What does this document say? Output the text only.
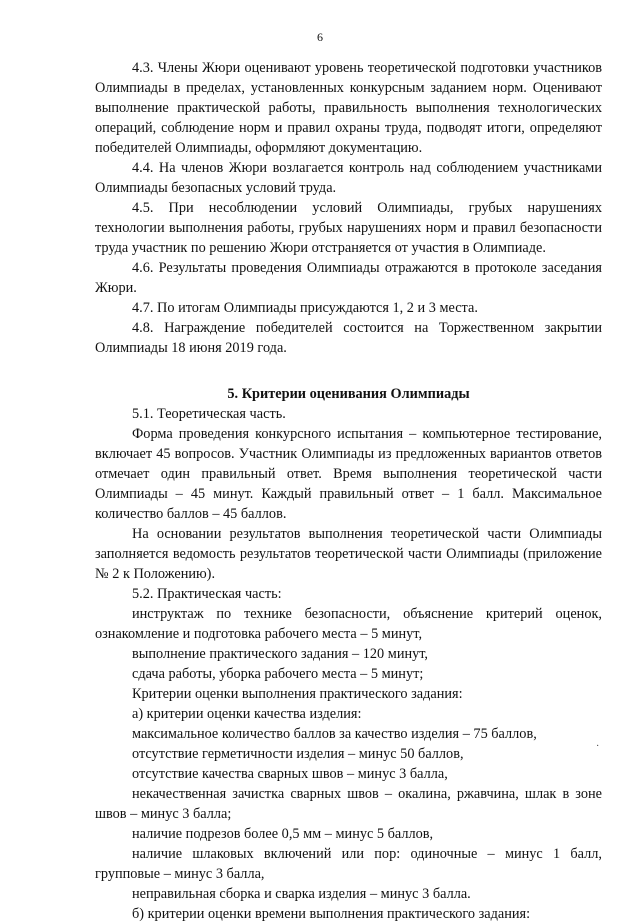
6

4.3. Члены Жюри оценивают уровень теоретической подготовки участников Олимпиады в пределах, установленных конкурсным заданием норм. Оценивают выполнение практической работы, правильность выполнения технологических операций, соблюдение норм и правил охраны труда, подводят итоги, определяют победителей Олимпиады, оформляют документацию.

4.4. На членов Жюри возлагается контроль над соблюдением участниками Олимпиады безопасных условий труда.

4.5. При несоблюдении условий Олимпиады, грубых нарушениях технологии выполнения работы, грубых нарушениях норм и правил безопасности труда участник по решению Жюри отстраняется от участия в Олимпиаде.

4.6. Результаты проведения Олимпиады отражаются в протоколе заседания Жюри.

4.7. По итогам Олимпиады присуждаются 1, 2 и 3 места.

4.8. Награждение победителей состоится на Торжественном закрытии Олимпиады 18 июня 2019 года.

5. Критерии оценивания Олимпиады

5.1. Теоретическая часть.

Форма проведения конкурсного испытания – компьютерное тестирование, включает 45 вопросов. Участник Олимпиады из предложенных вариантов ответов отмечает один правильный ответ. Время выполнения теоретической части Олимпиады – 45 минут. Каждый правильный ответ – 1 балл. Максимальное количество баллов – 45 баллов.

На основании результатов выполнения теоретической части Олимпиады заполняется ведомость результатов теоретической части Олимпиады (приложение № 2 к Положению).

5.2. Практическая часть:

инструктаж по технике безопасности, объяснение критерий оценок, ознакомление и подготовка рабочего места – 5 минут,

выполнение практического задания – 120 минут,

сдача работы, уборка рабочего места – 5 минут;

Критерии оценки выполнения практического задания:

а) критерии оценки качества изделия:

максимальное количество баллов за качество изделия – 75 баллов,

отсутствие герметичности изделия – минус 50 баллов,

отсутствие качества сварных швов – минус 3 балла,

некачественная зачистка сварных швов – окалина, ржавчина, шлак в зоне швов – минус 3 балла;

наличие подрезов более 0,5 мм – минус 5 баллов,

наличие шлаковых включений или пор: одиночные – минус 1 балл, групповые – минус 3 балла,

неправильная сборка и сварка изделия – минус 3 балла.

б) критерии оценки времени выполнения практического задания:

·
